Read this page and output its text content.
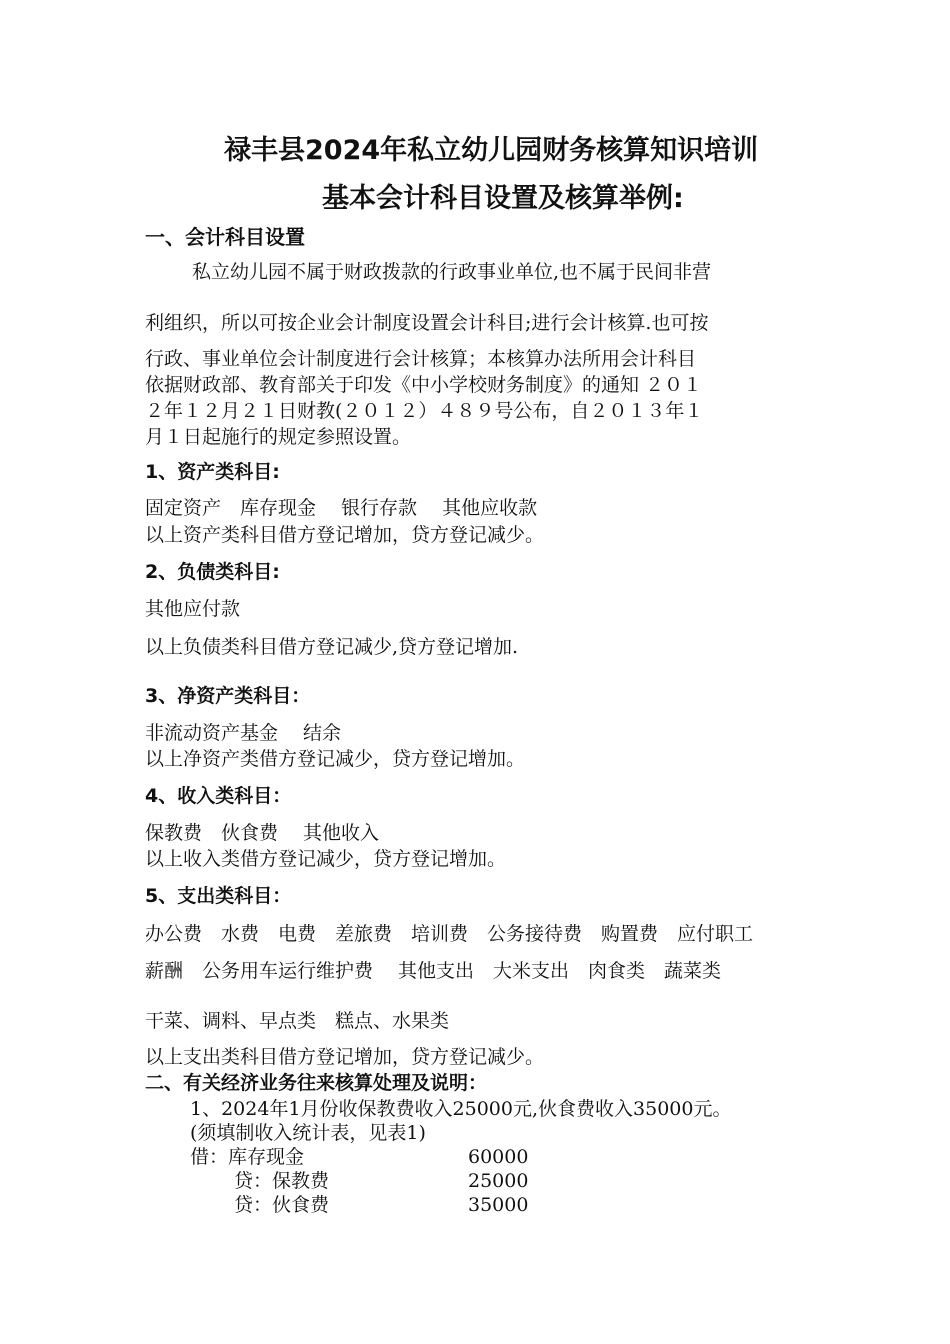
禄丰县2024年私立幼儿园财务核算知识培训
基本会计科目设置及核算举例:
一、会计科目设置
私立幼儿园不属于财政拨款的行政事业单位,也不属于民间非营
利组织，所以可按企业会计制度设置会计科目;进行会计核算.也可按
行政、事业单位会计制度进行会计核算；本核算办法所用会计科目
依据财政部、教育部关于印发《中小学校财务制度》的通知 ２０１
２年１２月２１日财教(２０１２）４８９号公布，自２０１３年１
月１日起施行的规定参照设置。
1、资产类科目:
固定资产　库存现金　 银行存款　 其他应收款
以上资产类科目借方登记增加，贷方登记减少。
2、负债类科目:
其他应付款
以上负债类科目借方登记减少,贷方登记增加.
3、净资产类科目：
非流动资产基金　 结余
以上净资产类借方登记减少，贷方登记增加。
4、收入类科目：
保教费　伙食费　 其他收入
以上收入类借方登记减少，贷方登记增加。
5、支出类科目：
办公费　水费　电费　差旅费　培训费　公务接待费　购置费　应付职工
薪酬　公务用车运行维护费　 其他支出　大米支出　肉食类　蔬菜类
干菜、调料、早点类　糕点、水果类
以上支出类科目借方登记增加，贷方登记减少。
二、有关经济业务往来核算处理及说明：
1、2024年1月份收保教费收入25000元,伙食费收入35000元。
(须填制收入统计表，见表1)
借：库存现金	60000
贷：保教费	25000
贷：伙食费	35000
